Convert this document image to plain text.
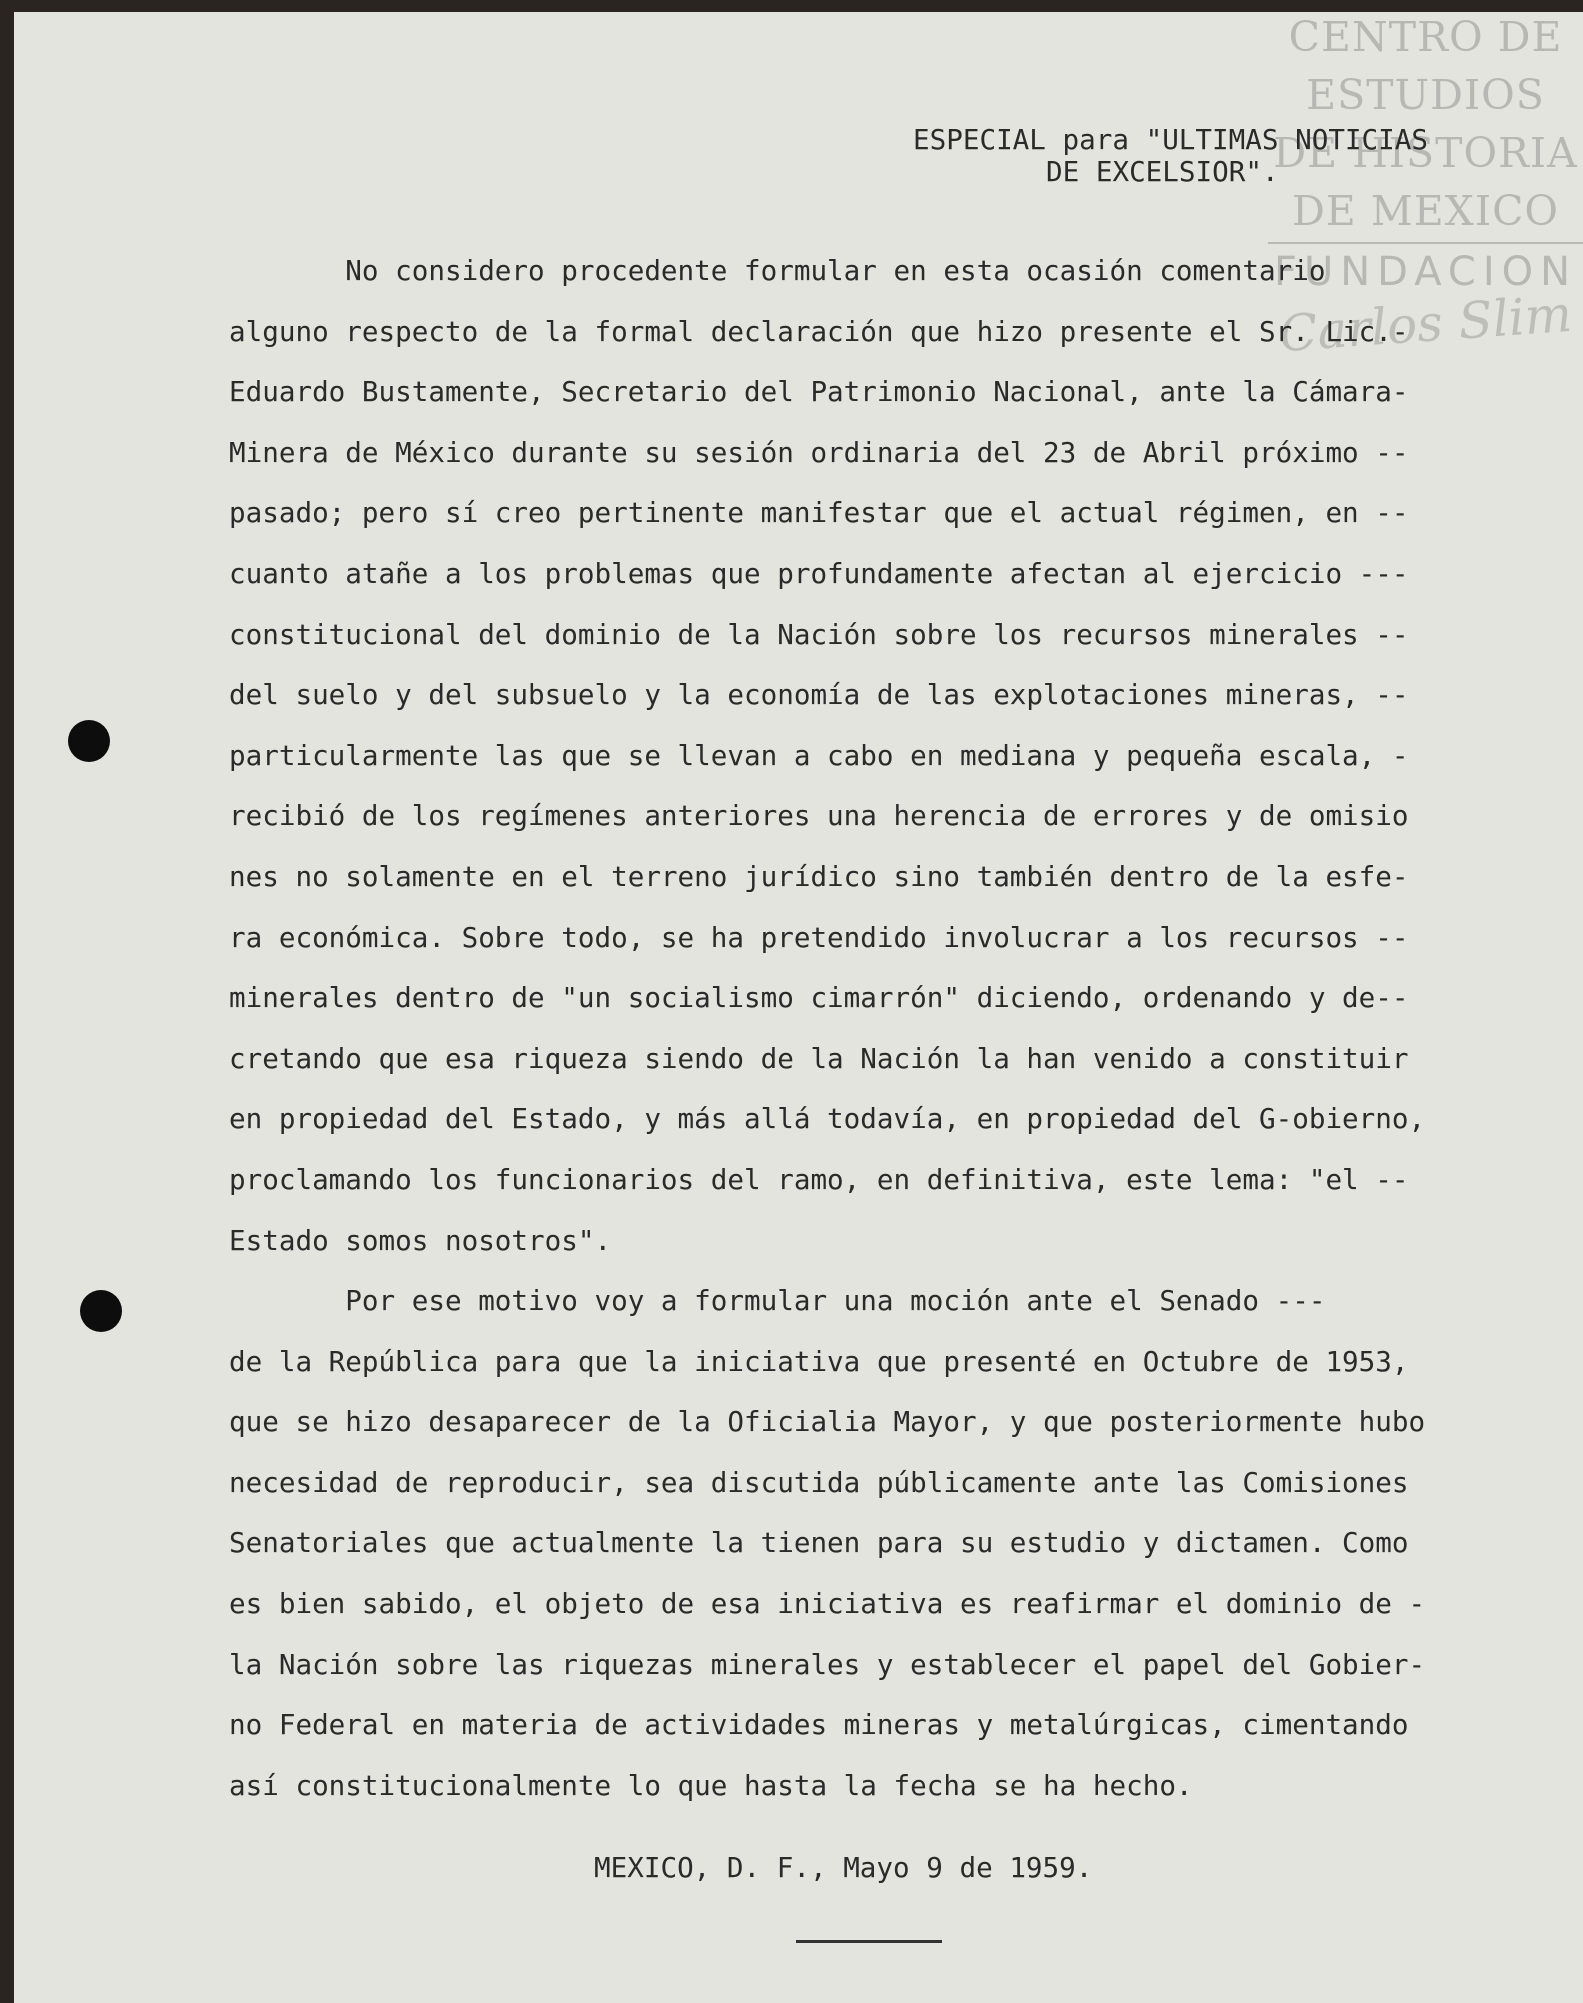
CENTRO DE
ESTUDIOS
DE HISTORIA
DE MEXICO
FUNDACION
Carlos Slim
ESPECIAL para "ULTIMAS NOTICIAS
DE EXCELSIOR".
No considero procedente formular en esta ocasión comentario
alguno respecto de la formal declaración que hizo presente el Sr. Lic.-
Eduardo Bustamente, Secretario del Patrimonio Nacional, ante la Cámara-
Minera de México durante su sesión ordinaria del 23 de Abril próximo --
pasado; pero sí creo pertinente manifestar que el actual régimen, en --
cuanto atañe a los problemas que profundamente afectan al ejercicio ---
constitucional del dominio de la Nación sobre los recursos minerales --
del suelo y del subsuelo y la economía de las explotaciones mineras, --
particularmente las que se llevan a cabo en mediana y pequeña escala, -
recibió de los regímenes anteriores una herencia de errores y de omisio
nes no solamente en el terreno jurídico sino también dentro de la esfe-
ra económica. Sobre todo, se ha pretendido involucrar a los recursos --
minerales dentro de "un socialismo cimarrón" diciendo, ordenando y de--
cretando que esa riqueza siendo de la Nación la han venido a constituir
en propiedad del Estado, y más allá todavía, en propiedad del G-obierno,
proclamando los funcionarios del ramo, en definitiva, este lema: "el --
Estado somos nosotros".
Por ese motivo voy a formular una moción ante el Senado ---
de la República para que la iniciativa que presenté en Octubre de 1953,
que se hizo desaparecer de la Oficialia Mayor, y que posteriormente hubo
necesidad de reproducir, sea discutida públicamente ante las Comisiones
Senatoriales que actualmente la tienen para su estudio y dictamen. Como
es bien sabido, el objeto de esa iniciativa es reafirmar el dominio de -
la Nación sobre las riquezas minerales y establecer el papel del Gobier-
no Federal en materia de actividades mineras y metalúrgicas, cimentando
así constitucionalmente lo que hasta la fecha se ha hecho.
MEXICO, D. F., Mayo 9 de 1959.
